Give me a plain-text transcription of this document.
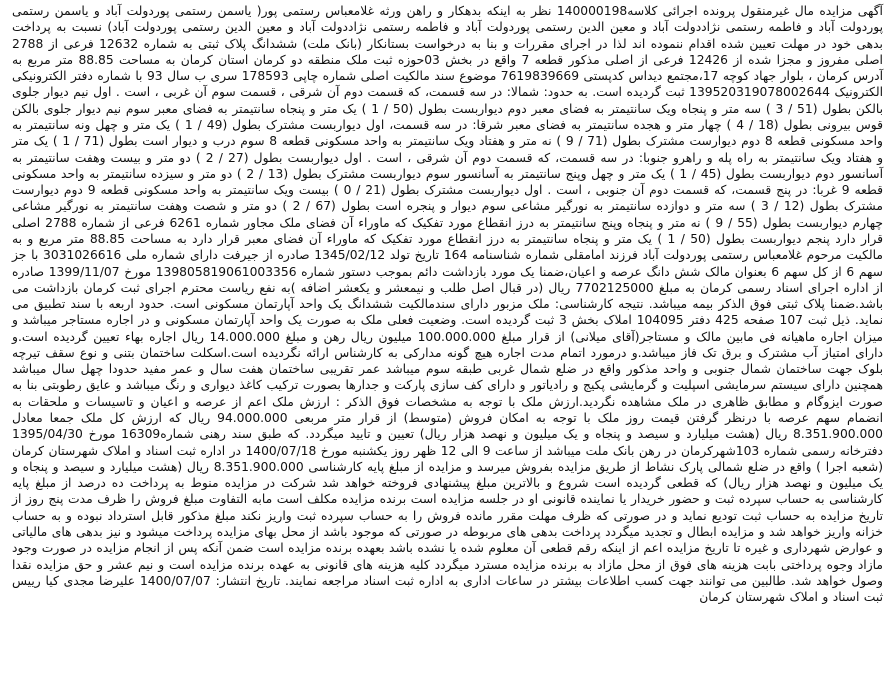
آگهی مزایده مال غیرمنقول پرونده اجرائی کلاسه140000198 نظر به اینکه بدهکار و راهن ورثه غلامعباس رستمی پور( یاسمن رستمی پوردولت آباد و یاسمن رستمی پوردولت آباد و فاطمه رستمی نژاددولت آباد و معین الدین رستمی پوردولت آباد و فاطمه رستمی نژاددولت آباد و معین الدین رستمی پوردولت آباد) نسبت به پرداخت بدهی خود در مهلت تعیین شده اقدام ننموده اند لذا در اجرای مقررات و بنا به درخواست بستانکار (بانک ملت) ششدانگ پلاک ثبتی به شماره 12632 فرعی از 2788 اصلی مفروز و مجزا شده از 12426 فرعی از اصلی مذکور قطعه 7 واقع در بخش 03حوزه ثبت ملک منطقه دو کرمان استان کرمان به مساحت 88.85 متر مربع به آدرس کرمان ، بلوار جهاد کوچه 17،مجتمع دیداس کدپستی 7619839669 موضوع سند مالکیت اصلی شماره چاپی 178593 سری ب سال 93 با شماره دفتر الکترونیکی الکترونیک 139520319078002644 ثبت گردیده است. به حدود: شمالا: در سه قسمت، که قسمت دوم آن شرقی ، قسمت سوم آن غربی ، است . اول نیم دیوار جلوی بالکن بطول (51 / 3 ) سه متر و پنجاه ویک سانتیمتر به فضای معبر دوم دیواربست بطول (50 / 1 ) یک متر و پنجاه سانتیمتر به فضای معبر سوم نیم دیوار جلوی بالکن قوس بیرونی بطول (18 / 4 ) چهار متر و هجده سانتیمتر به فضای معبر شرقا: در سه قسمت، اول دیواربست مشترک بطول (49 / 1 ) یک متر و چهل ونه سانتیمتر به واحد مسکونی قطعه 8 دوم دیوارست مشترک بطول (71 / 9 ) نه متر و هفتاد ویک سانتیمتر به واحد مسکونی قطعه 8 سوم درب و دیوار است بطول (71 / 1 ) یک متر و هفتاد ویک سانتیمتر به راه پله و راهرو جنوبا: در سه قسمت، که قسمت دوم آن شرقی ، است . اول دیواربست بطول (27 / 2 ) دو متر و بیست وهفت سانتیمتر به آسانسور دوم دیواربست بطول (45 / 1 ) یک متر و چهل وپنج سانتیمتر به آسانسور سوم دیواربست مشترک بطول (13 / 2 ) دو متر و سیزده سانتیمتر به واحد مسکونی قطعه 9 غربا: در پنج قسمت، که قسمت دوم آن جنوبی ، است . اول دیواربست مشترک بطول (21 / 0 ) بیست ویک سانتیمتر به واحد مسکونی قطعه 9 دوم دیوارست مشترک بطول (12 / 3 ) سه متر و دوازده سانتیمتر به نورگیر مشاعی سوم دیوار و پنجره است بطول (67 / 2 ) دو متر و شصت وهفت سانتیمتر به نورگیر مشاعی چهارم دیواربست بطول (55 / 9 ) نه متر و پنجاه وپنج سانتیمتر به درز انقطاع مورد تفکیک که ماوراء آن فضای ملک مجاور شماره 6261 فرعی از شماره 2788 اصلی قرار دارد پنجم دیواربست بطول (50 / 1 ) یک متر و پنجاه سانتیمتر به درز انقطاع مورد تفکیک که ماوراء آن فضای معبر قرار دارد به مساحت 88.85 متر مربع و به مالکیت مرحوم غلامعباس رستمی پوردولت آباد فرزند امامقلی شماره شناسنامه 164 تاریخ تولد 1345/02/12 صادره از جیرفت دارای شماره ملی 3031026616 با جز سهم 6 از کل سهم 6 بعنوان مالک شش دانگ عرصه و اعیان،ضمنا یک مورد بازداشت دائم بموجب دستور شماره 139805819061003356 مورخ 1399/11/07 صادره از اداره اجرای اسناد رسمی کرمان به مبلغ 7702125000 ریال (در قبال اصل طلب و نیمعشر و یکعشر اضافه )به نفع ریاست محترم اجرای ثبت کرمان بازداشت می باشد.ضمنا پلاک ثبتی فوق الذکر بیمه میباشد. نتیجه کارشناسی: ملک مزبور دارای سندمالکیت ششدانگ یک واحد آپارتمان مسکونی است. حدود اربعه با سند تطبیق می نماید. ذیل ثبت 107 صفحه 425 دفتر 104095 املاک بخش 3 ثبت گردیده است. وضعیت فعلی ملک به صورت یک واحد آپارتمان مسکونی و در اجاره مستاجر میباشد و میزان اجاره ماهیانه فی مابین مالک و مستاجر(آقای میلانی) از قرار مبلغ 100.000.000 میلیون ریال رهن و مبلغ 14.000.000 ریال اجاره بهاء تعیین گردیده است.و دارای امتیاز آب مشترک و برق تک فاز میباشد.و درمورد اتمام مدت اجاره هیچ گونه مدارکی به کارشناس ارائه نگردیده است.اسکلت ساختمان بتنی و نوع سقف تیرچه بلوک جهت ساختمان شمال جنوبی و واحد مذکور واقع در ضلع شمال غربی طبقه سوم میباشد عمر تقریبی ساختمان هفت سال و عمر مفید حدودا چهل سال میباشد همچنین دارای سیستم سرمایشی اسپلیت و گرمایشی پکیج و رادیاتور و دارای کف سازی پارکت و جدارها بصورت ترکیب کاغذ دیواری و رنگ میباشد و عایق رطوبتی بنا به صورت ایزوگام و مطابق ظاهری در ملک مشاهده نگردید.ارزش ملک با توجه به مشخصات فوق الذکر : ارزش ملک اعم از عرصه و اعیان و تاسیسات و ملحقات به انضمام سهم عرصه با درنظر گرفتن قیمت روز ملک با توجه به امکان فروش (متوسط) از قرار متر مربعی 94.000.000 ریال که ارزش کل ملک جمعا معادل 8.351.900.000 ریال (هشت میلیارد و سیصد و پنجاه و یک میلیون و نهصد هزار ریال) تعیین و تایید میگردد. که طبق سند رهنی شماره16309 مورخ 1395/04/30 دفترخانه رسمی شماره 103شهرکرمان در رهن بانک ملت میباشد از ساعت 9 الی 12 ظهر روز یکشنبه مورخ 1400/07/18 در اداره ثبت اسناد و املاک شهرستان کرمان (شعبه اجرا ) واقع در ضلع شمالی پارک نشاط از طریق مزایده بفروش میرسد و مزایده از مبلغ پایه کارشناسی 8.351.900.000 ریال (هشت میلیارد و سیصد و پنجاه و یک میلیون و نهصد هزار ریال) که قطعی گردیده است شروع و بالاترین مبلغ پیشنهادی فروخته خواهد شد شرکت در مزایده منوط به پرداخت ده درصد از مبلغ پایه کارشناسی به حساب سپرده ثبت و حضور خریدار یا نماینده قانونی او در جلسه مزایده است برنده مزایده مکلف است مابه التفاوت مبلغ فروش را ظرف مدت پنج روز از تاریخ مزایده به حساب ثبت تودیع نماید و در صورتی که ظرف مهلت مقرر مانده فروش را به حساب سپرده ثبت واریز نکند مبلغ مذکور قابل استرداد نبوده و به حساب خزانه واریز خواهد شد و مزایده ابطال و تجدید میگردد پرداخت بدهی های مربوطه در صورتی که موجود باشد از محل بهای مزایده پرداخت میشود و نیز بدهی های مالیاتی و عوارض شهرداری و غیره تا تاریخ مزایده اعم از اینکه رقم قطعی آن معلوم شده یا نشده باشد بعهده برنده مزایده است ضمن آنکه پس از انجام مزایده در صورت وجود مازاد وجوه پرداختی بابت هزینه های فوق از محل مازاد به برنده مزایده مسترد میگردد کلیه هزینه های قانونی به عهده برنده مزایده است و نیم عشر و حق مزایده نقدا وصول خواهد شد. طالبین می توانند جهت کسب اطلاعات بیشتر در ساعات اداری به اداره ثبت اسناد مراجعه نمایند. تاریخ انتشار: 1400/07/07 علیرضا مجدی کیا رییس ثبت اسناد و املاک شهرستان کرمان
